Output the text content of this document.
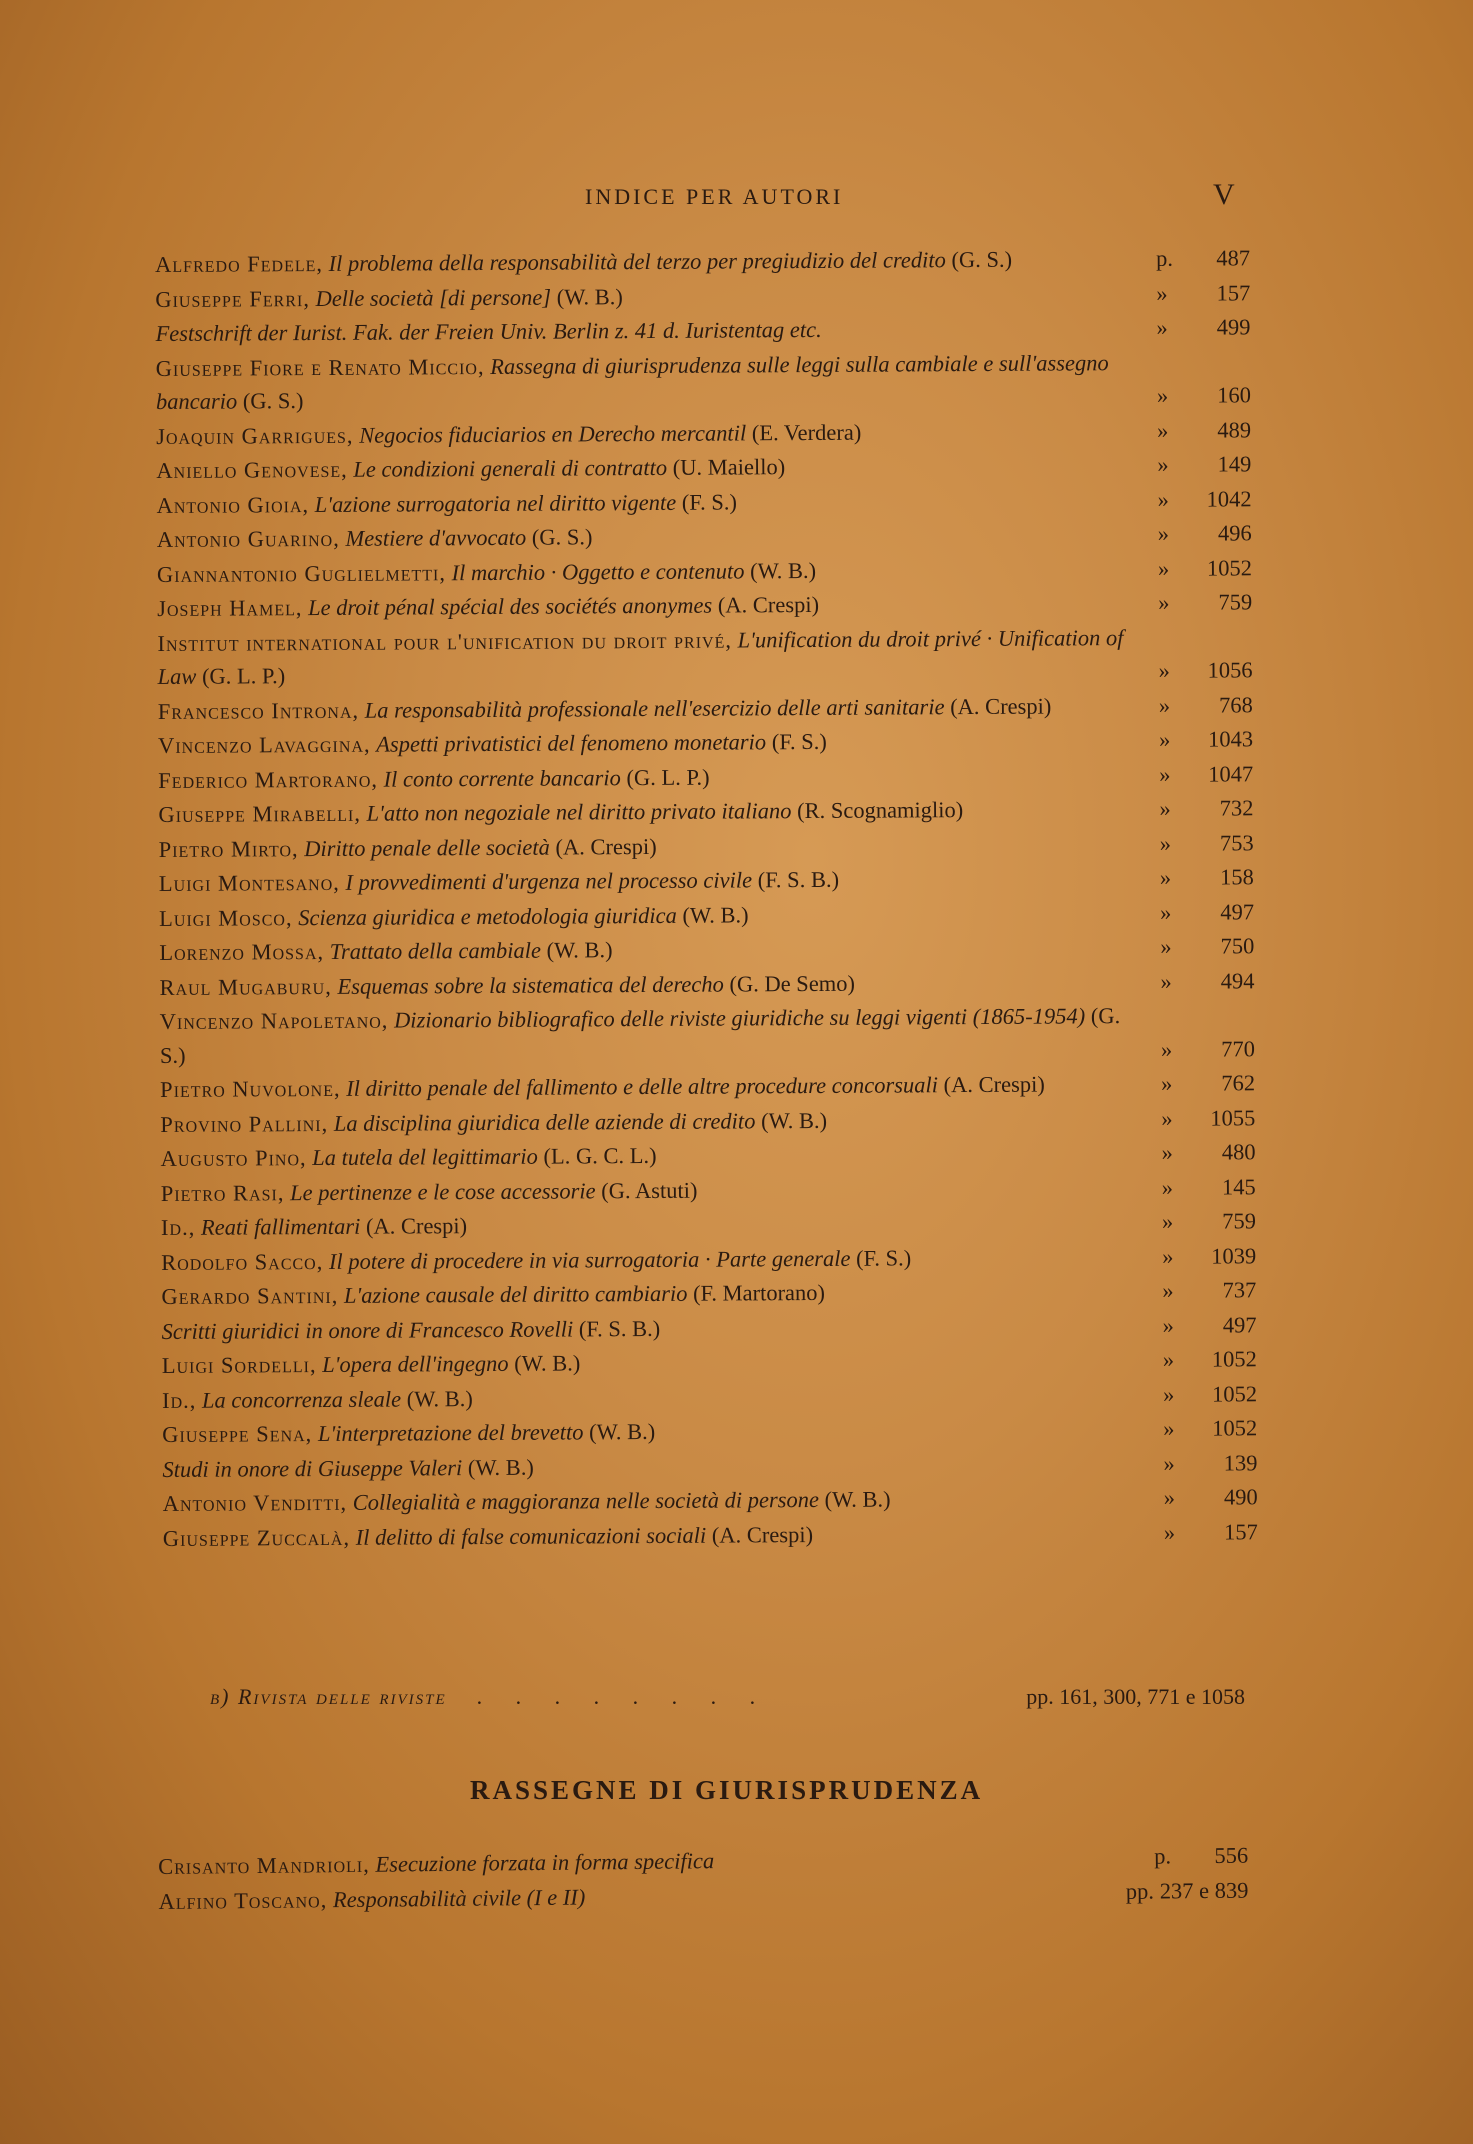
INDICE PER AUTORI	V
Alfredo Fedele, Il problema della responsabilità del terzo per pregiudizio del credito (G. S.)	p. 487
Giuseppe Ferri, Delle società [di persone] (W. B.)	» 157
Festschrift der Iurist. Fak. der Freien Univ. Berlin z. 41 d. Iuristentag etc.	» 499
Giuseppe Fiore e Renato Miccio, Rassegna di giurisprudenza sulle leggi sulla cambiale e sull'assegno bancario (G. S.)	» 160
Joaquin Garrigues, Negocios fiduciarios en Derecho mercantil (E. Verdera)	» 489
Aniello Genovese, Le condizioni generali di contratto (U. Maiello)	» 149
Antonio Gioia, L'azione surrogatoria nel diritto vigente (F. S.)	» 1042
Antonio Guarino, Mestiere d'avvocato (G. S.)	» 496
Giannantonio Guglielmetti, Il marchio · Oggetto e contenuto (W. B.)	» 1052
Joseph Hamel, Le droit pénal spécial des sociétés anonymes (A. Crespi)	» 759
Institut international pour l'unification du droit privé, L'unification du droit privé · Unification of Law (G. L. P.)	» 1056
Francesco Introna, La responsabilità professionale nell'esercizio delle arti sanitarie (A. Crespi)	» 768
Vincenzo Lavaggina, Aspetti privatistici del fenomeno monetario (F. S.)	» 1043
Federico Martorano, Il conto corrente bancario (G. L. P.)	» 1047
Giuseppe Mirabelli, L'atto non negoziale nel diritto privato italiano (R. Scognamiglio)	» 732
Pietro Mirto, Diritto penale delle società (A. Crespi)	» 753
Luigi Montesano, I provvedimenti d'urgenza nel processo civile (F. S. B.)	» 158
Luigi Mosco, Scienza giuridica e metodologia giuridica (W. B.)	» 497
Lorenzo Mossa, Trattato della cambiale (W. B.)	» 750
Raul Mugaburu, Esquemas sobre la sistematica del derecho (G. De Semo)	» 494
Vincenzo Napoletano, Dizionario bibliografico delle riviste giuridiche su leggi vigenti (1865-1954) (G. S.)	» 770
Pietro Nuvolone, Il diritto penale del fallimento e delle altre procedure concorsuali (A. Crespi)	» 762
Provino Pallini, La disciplina giuridica delle aziende di credito (W. B.)	» 1055
Augusto Pino, La tutela del legittimario (L. G. C. L.)	» 480
Pietro Rasi, Le pertinenze e le cose accessorie (G. Astuti)	» 145
Id., Reati fallimentari (A. Crespi)	» 759
Rodolfo Sacco, Il potere di procedere in via surrogatoria · Parte generale (F. S.)	» 1039
Gerardo Santini, L'azione causale del diritto cambiario (F. Martorano)	» 737
Scritti giuridici in onore di Francesco Rovelli (F. S. B.)	» 497
Luigi Sordelli, L'opera dell'ingegno (W. B.)	» 1052
Id., La concorrenza sleale (W. B.)	» 1052
Giuseppe Sena, L'interpretazione del brevetto (W. B.)	» 1052
Studi in onore di Giuseppe Valeri (W. B.)	» 139
Antonio Venditti, Collegialità e maggioranza nelle società di persone (W. B.)	» 490
Giuseppe Zuccalà, Il delitto di false comunicazioni sociali (A. Crespi)	» 157
b) Rivista delle riviste	. . . . . . . .	pp. 161, 300, 771 e 1058
RASSEGNE DI GIURISPRUDENZA
Crisanto Mandrioli, Esecuzione forzata in forma specifica	p. 556
Alfino Toscano, Responsabilità civile (I e II)	pp. 237 e 839
